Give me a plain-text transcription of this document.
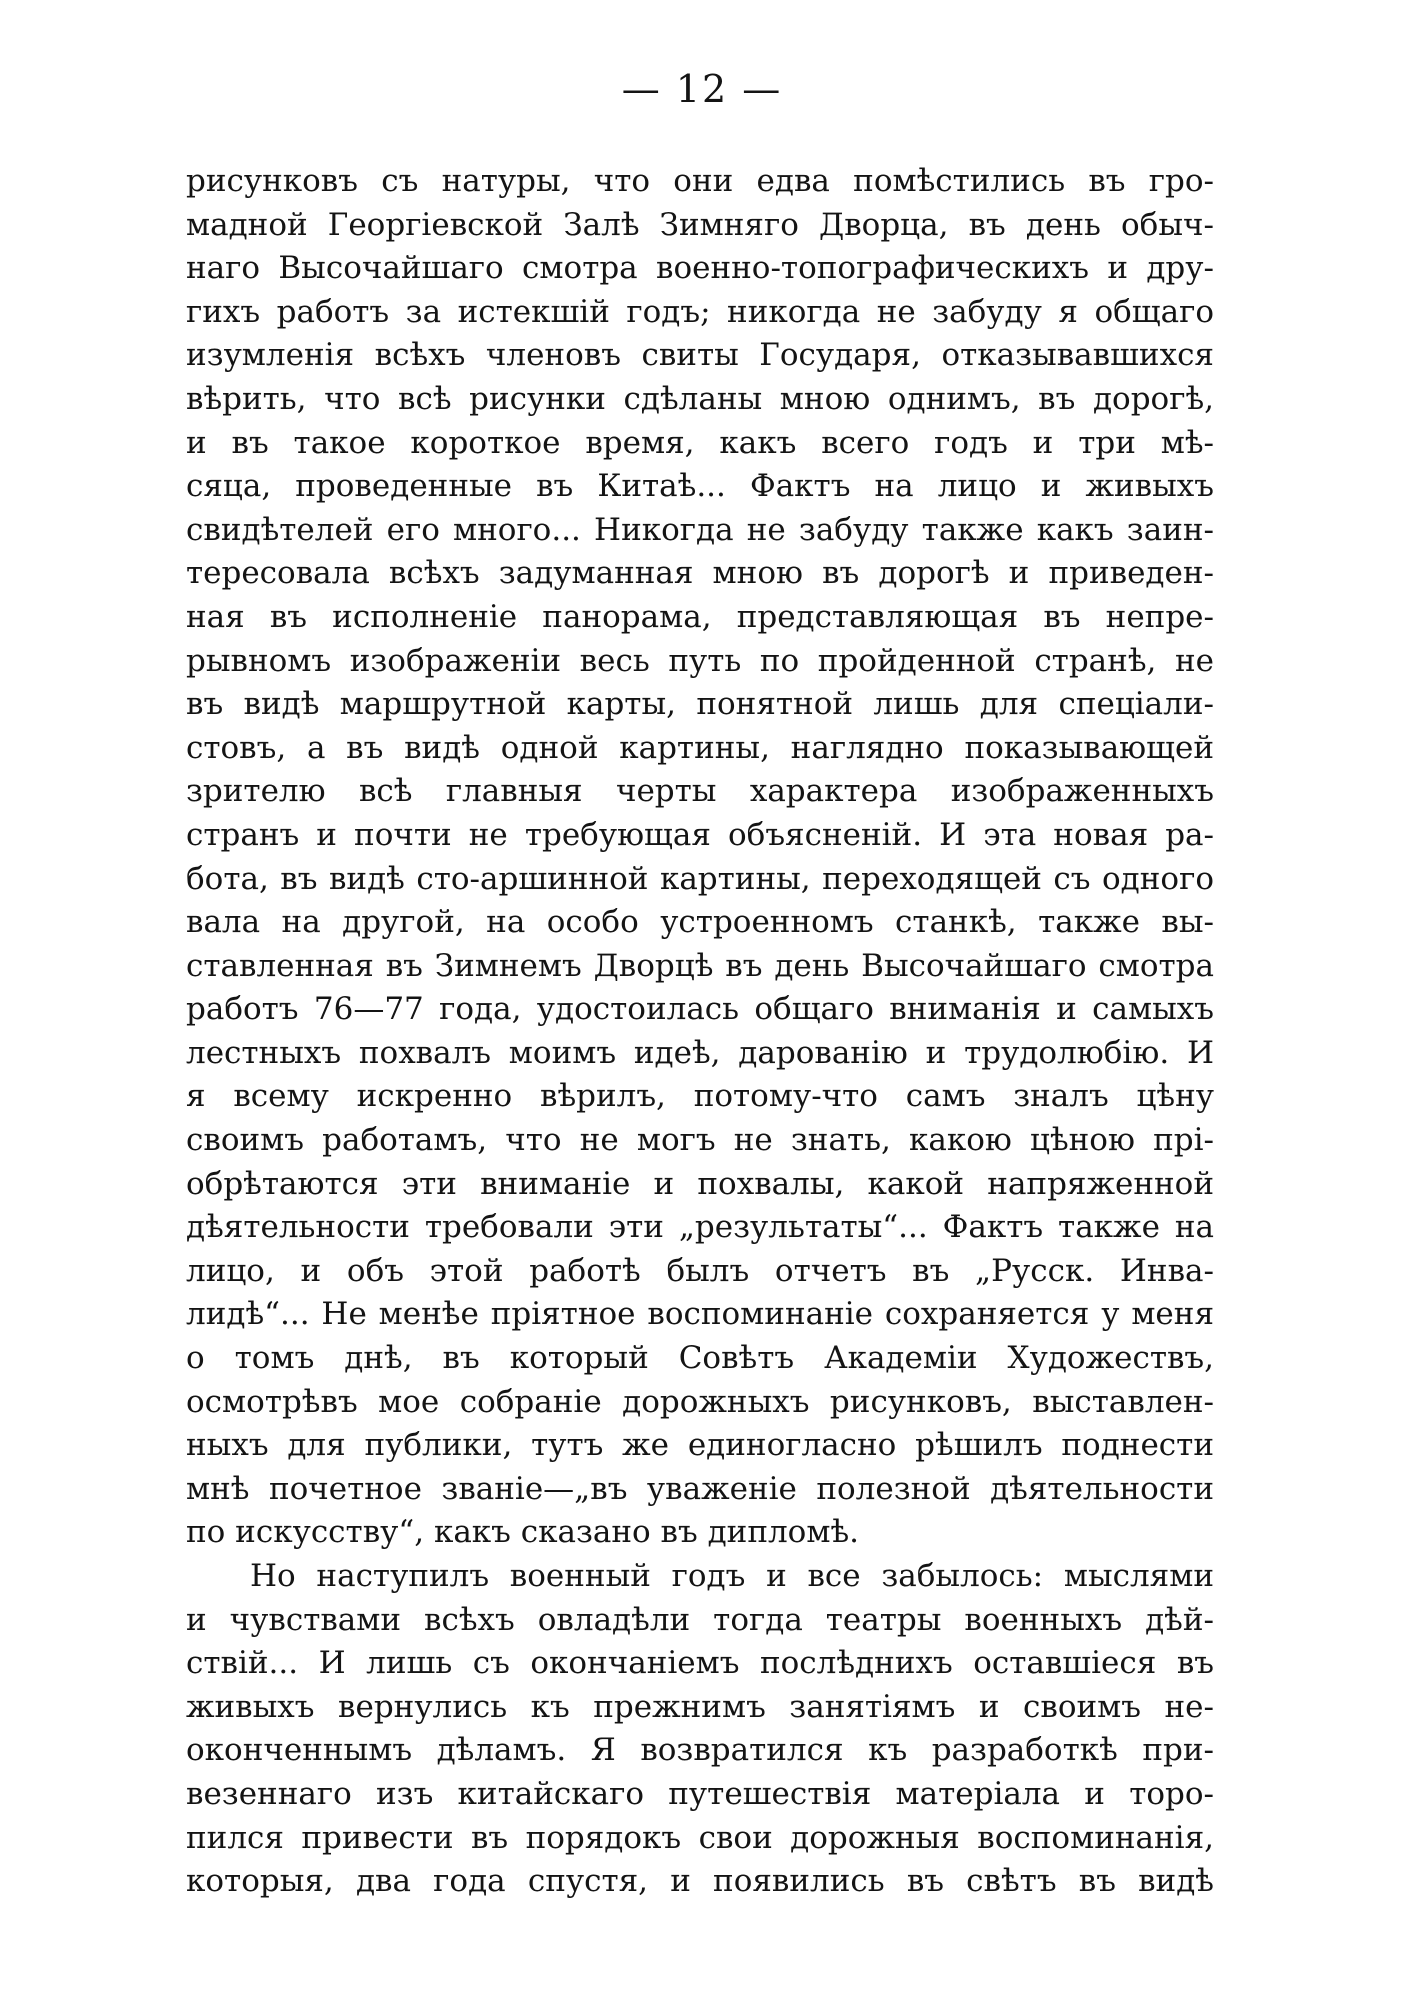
— 12 —
рисунковъ съ натуры, что они едва помѣстились въ гро-
мадной Георгіевской Залѣ Зимняго Дворца, въ день обыч-
наго Высочайшаго смотра военно-топографическихъ и дру-
гихъ работъ за истекшій годъ; никогда не забуду я общаго
изумленія всѣхъ членовъ свиты Государя, отказывавшихся
вѣрить, что всѣ рисунки сдѣланы мною однимъ, въ дорогѣ,
и въ такое короткое время, какъ всего годъ и три мѣ-
сяца, проведенные въ Китаѣ... Фактъ на лицо и живыхъ
свидѣтелей его много... Никогда не забуду также какъ заин-
тересовала всѣхъ задуманная мною въ дорогѣ и приведен-
ная въ исполненіе панорама, представляющая въ непре-
рывномъ изображеніи весь путь по пройденной странѣ, не
въ видѣ маршрутной карты, понятной лишь для спеціали-
стовъ, а въ видѣ одной картины, наглядно показывающей
зрителю всѣ главныя черты характера изображенныхъ
странъ и почти не требующая объясненій. И эта новая ра-
бота, въ видѣ сто-аршинной картины, переходящей съ одного
вала на другой, на особо устроенномъ станкѣ, также вы-
ставленная въ Зимнемъ Дворцѣ въ день Высочайшаго смотра
работъ 76—77 года, удостоилась общаго вниманія и самыхъ
лестныхъ похвалъ моимъ идеѣ, дарованію и трудолюбію. И
я всему искренно вѣрилъ, потому-что самъ зналъ цѣну
своимъ работамъ, что не могъ не знать, какою цѣною прі-
обрѣтаются эти вниманіе и похвалы, какой напряженной
дѣятельности требовали эти „результаты“... Фактъ также на
лицо, и объ этой работѣ былъ отчетъ въ „Русск. Инва-
лидѣ“... Не менѣе пріятное воспоминаніе сохраняется у меня
о томъ днѣ, въ который Совѣтъ Академіи Художествъ,
осмотрѣвъ мое собраніе дорожныхъ рисунковъ, выставлен-
ныхъ для публики, тутъ же единогласно рѣшилъ поднести
мнѣ почетное званіе—„въ уваженіе полезной дѣятельности
по искусству“, какъ сказано въ дипломѣ.
Но наступилъ военный годъ и все забылось: мыслями
и чувствами всѣхъ овладѣли тогда театры военныхъ дѣй-
ствій... И лишь съ окончаніемъ послѣднихъ оставшіеся въ
живыхъ вернулись къ прежнимъ занятіямъ и своимъ не-
оконченнымъ дѣламъ. Я возвратился къ разработкѣ при-
везеннаго изъ китайскаго путешествія матеріала и торо-
пился привести въ порядокъ свои дорожныя воспоминанія,
которыя, два года спустя, и появились въ свѣтъ въ видѣ
